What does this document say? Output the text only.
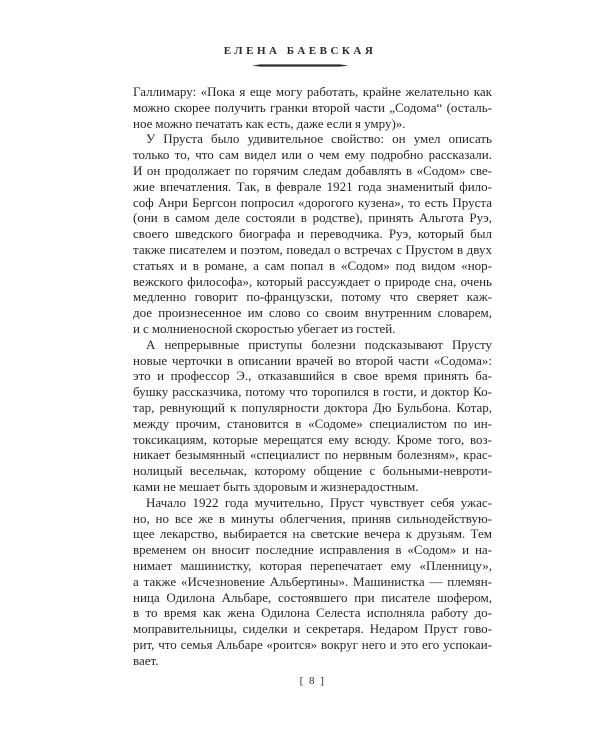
ЕЛЕНА БАЕВСКАЯ
Галлимару: «Пока я еще могу работать, крайне желательно как
можно скорее получить гранки второй части „Содома“ (осталь-
ное можно печатать как есть, даже если я умру)».
У Пруста было удивительное свойство: он умел описать
только то, что сам видел или о чем ему подробно рассказали.
И он продолжает по горячим следам добавлять в «Содом» све-
жие впечатления. Так, в феврале 1921 года знаменитый фило-
соф Анри Бергсон попросил «дорогого кузена», то есть Пруста
(они в самом деле состояли в родстве), принять Альгота Руэ,
своего шведского биографа и переводчика. Руэ, который был
также писателем и поэтом, поведал о встречах с Прустом в двух
статьях и в романе, а сам попал в «Содом» под видом «нор-
вежского философа», который рассуждает о природе сна, очень
медленно говорит по-французски, потому что сверяет каж-
дое произнесенное им слово со своим внутренним словарем,
и с молниеносной скоростью убегает из гостей.
А непрерывные приступы болезни подсказывают Прусту
новые черточки в описании врачей во второй части «Содома»:
это и профессор Э., отказавшийся в свое время принять ба-
бушку рассказчика, потому что торопился в гости, и доктор Ко-
тар, ревнующий к популярности доктора Дю Бульбона. Котар,
между прочим, становится в «Содоме» специалистом по ин-
токсикациям, которые мерещатся ему всюду. Кроме того, воз-
никает безымянный «специалист по нервным болезням», крас-
нолицый весельчак, которому общение с больными-невроти-
ками не мешает быть здоровым и жизнерадостным.
Начало 1922 года мучительно, Пруст чувствует себя ужас-
но, но все же в минуты облегчения, приняв сильнодействую-
щее лекарство, выбирается на светские вечера к друзьям. Тем
временем он вносит последние исправления в «Содом» и на-
нимает машинистку, которая перепечатает ему «Пленницу»,
а также «Исчезновение Альбертины». Машинистка — племян-
ница Одилона Альбаре, состоявшего при писателе шофером,
в то время как жена Одилона Селеста исполняла работу до-
моправительницы, сиделки и секретаря. Недаром Пруст гово-
рит, что семья Альбаре «роится» вокруг него и это его успокаи-
вает.
[ 8 ]
